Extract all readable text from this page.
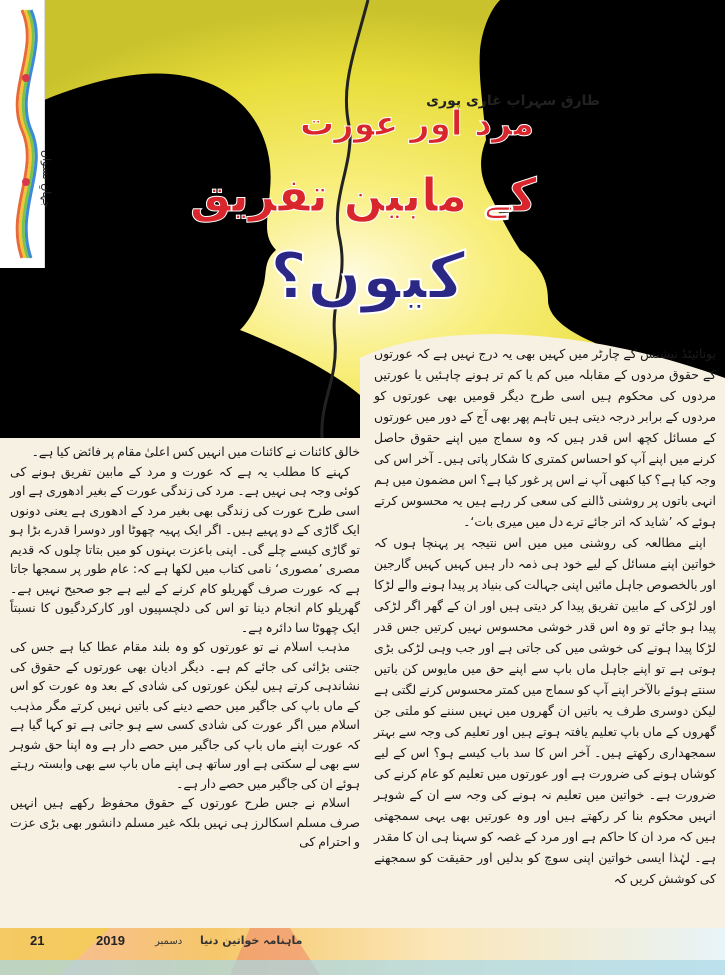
جہانِ نسواں
طارق سہراب غازی پوری
مرد اور عورت
کے مابین تفریق
کیوں؟

یونائیٹڈ نیشنس کے چارٹر میں کہیں بھی یہ درج نہیں ہے کہ عورتوں کے حقوق مردوں کے مقابلہ میں کم یا کم تر ہونے چاہئیں یا عورتیں مردوں کی محکوم ہیں اسی طرح دیگر قومیں بھی عورتوں کو مردوں کے برابر درجہ دیتی ہیں تاہم پھر بھی آج کے دور میں عورتوں کے مسائل کچھ اس قدر ہیں کہ وہ سماج میں اپنے حقوق حاصل کرنے میں اپنے آپ کو احساس کمتری کا شکار پاتی ہیں۔ آخر اس کی وجہ کیا ہے؟ کیا کبھی آپ نے اس پر غور کیا ہے؟ اس مضمون میں ہم انہی باتوں پر روشنی ڈالنے کی سعی کر رہے ہیں یہ محسوس کرتے ہوئے کہ ’شاید کہ اتر جائے ترے دل میں میری بات‘۔

اپنے مطالعہ کی روشنی میں میں اس نتیجہ پر پہنچا ہوں کہ خواتین اپنے مسائل کے لیے خود ہی ذمہ دار ہیں کہیں کہیں گارجین اور بالخصوص جاہل مائیں اپنی جہالت کی بنیاد پر پیدا ہونے والے لڑکا اور لڑکی کے مابین تفریق پیدا کر دیتی ہیں اور ان کے گھر اگر لڑکی پیدا ہو جائے تو وہ اس قدر خوشی محسوس نہیں کرتیں جس قدر لڑکا پیدا ہونے کی خوشی میں کی جاتی ہے اور جب وہی لڑکی بڑی ہوتی ہے تو اپنے جاہل ماں باپ سے اپنے حق میں مایوس کن باتیں سنتے ہوئے بالآخر اپنے آپ کو سماج میں کمتر محسوس کرنے لگتی ہے لیکن دوسری طرف یہ باتیں ان گھروں میں نہیں سننے کو ملتی جن گھروں کے ماں باپ تعلیم یافتہ ہوتے ہیں اور تعلیم کی وجہ سے بہتر سمجھداری رکھتے ہیں۔ آخر اس کا سد باب کیسے ہو؟ اس کے لیے کوشاں ہونے کی ضرورت ہے اور عورتوں میں تعلیم کو عام کرنے کی ضرورت ہے۔ خواتین میں تعلیم نہ ہونے کی وجہ سے ان کے شوہر انہیں محکوم بنا کر رکھتے ہیں اور وہ عورتیں بھی یہی سمجھتی ہیں کہ مرد ان کا حاکم ہے اور مرد کے غصہ کو سہنا ہی ان کا مقدر ہے۔ لہٰذا ایسی خواتین اپنی سوچ کو بدلیں اور حقیقت کو سمجھنے کی کوشش کریں کہ

خالق کائنات نے کائنات میں انہیں کس اعلیٰ مقام پر فائض کیا ہے۔

کہنے کا مطلب یہ ہے کہ عورت و مرد کے مابین تفریق ہونے کی کوئی وجہ ہی نہیں ہے۔ مرد کی زندگی عورت کے بغیر ادھوری ہے اور اسی طرح عورت کی زندگی بھی بغیر مرد کے ادھوری ہے یعنی دونوں ایک گاڑی کے دو پہیے ہیں۔ اگر ایک پہیہ چھوٹا اور دوسرا قدرے بڑا ہو تو گاڑی کیسے چلے گی۔ اپنی باعزت بہنوں کو میں بتاتا چلوں کہ قدیم مصری ’مصوری‘ نامی کتاب میں لکھا ہے کہ: عام طور پر سمجھا جاتا ہے کہ عورت صرف گھریلو کام کرنے کے لیے ہے جو صحیح نہیں ہے۔ گھریلو کام انجام دینا تو اس کی دلچسپیوں اور کارکردگیوں کا نسبتاً ایک چھوٹا سا دائرہ ہے۔

مذہب اسلام نے تو عورتوں کو وہ بلند مقام عطا کیا ہے جس کی جتنی بڑائی کی جائے کم ہے۔ دیگر ادیان بھی عورتوں کے حقوق کی نشاندہی کرتے ہیں لیکن عورتوں کی شادی کے بعد وہ عورت کو اس کے ماں باپ کی جاگیر میں حصے دینے کی باتیں نہیں کرتے مگر مذہب اسلام میں اگر عورت کی شادی کسی سے ہو جاتی ہے تو کہا گیا ہے کہ عورت اپنے ماں باپ کی جاگیر میں حصے دار ہے وہ اپنا حق شوہر سے بھی لے سکتی ہے اور ساتھ ہی اپنے ماں باپ سے بھی وابستہ رہتے ہوئے ان کی جاگیر میں حصے دار ہے۔

اسلام نے جس طرح عورتوں کے حقوق محفوظ رکھے ہیں انہیں صرف مسلم اسکالرز ہی نہیں بلکہ غیر مسلم دانشور بھی بڑی عزت و احترام کی

ماہنامہ خواتین دنیا
دسمبر
2019
21
